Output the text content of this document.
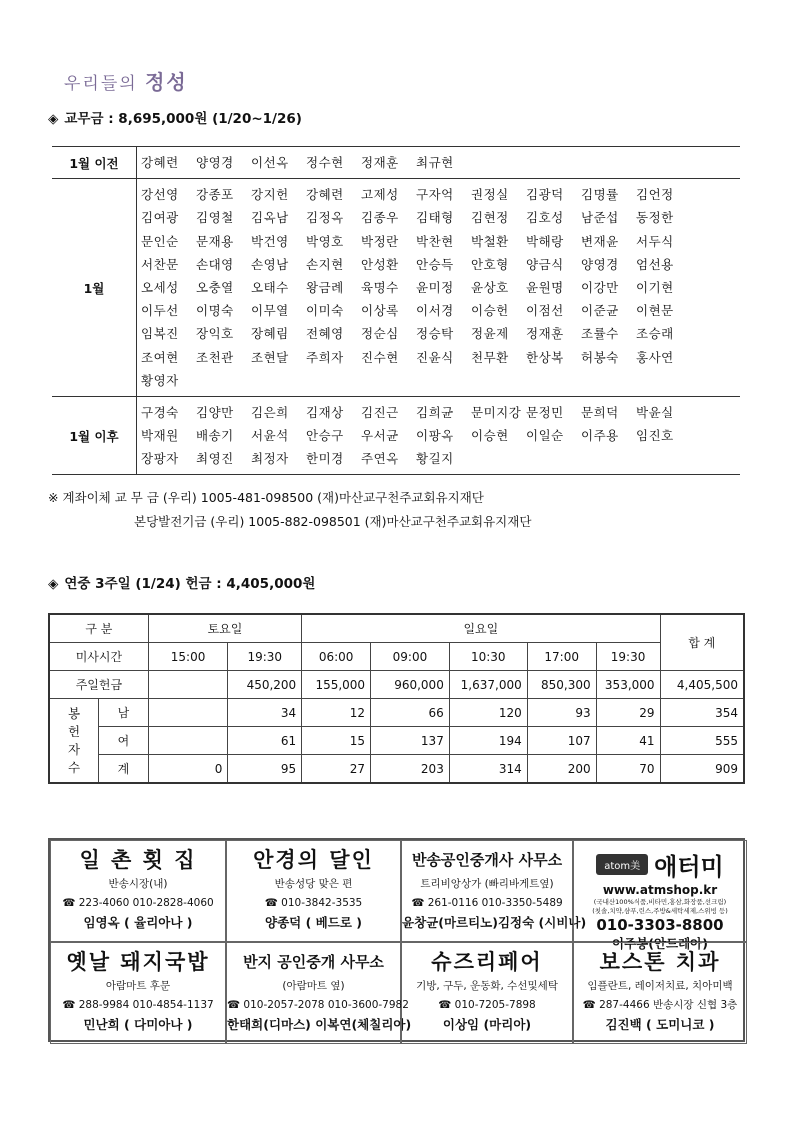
우리들의 정성
◈ 교무금 : 8,695,000원 (1/20~1/26)
1월 이전	강혜련	양영경	이선옥	정수현	정재훈	최규현
1월
강선영	강종포	강지헌	강혜련	고제성	구자억	권정실	김광덕	김명률	김언정
김여광	김영철	김옥남	김정옥	김종우	김태형	김현정	김호성	남준섭	동정한
문인순	문재용	박건영	박영호	박정란	박찬현	박철환	박해랑	변재윤	서두식
서찬문	손대영	손영남	손지현	안성환	안승득	안호형	양금식	양영경	엄선용
오세성	오충열	오태수	왕금례	육명수	윤미정	윤상호	윤원명	이강만	이기현
이두선	이명숙	이무열	이미숙	이상록	이서경	이승헌	이점선	이준균	이현문
임복진	장익호	장혜림	전혜영	정순심	정승탁	정윤제	정재훈	조률수	조승래
조여현	조천관	조현달	주희자	진수현	진윤식	천무환	한상복	허봉숙	홍사연
황영자
1월 이후
구경숙	김양만	김은희	김재상	김진근	김희균	문미지강 문정민	문희덕	박윤실
박재원	배송기	서윤석	안승구	우서균	이팡옥	이승현	이일순	이주용	임진호
장팡자	최영진	최정자	한미경	주연옥	황길지
※ 계좌이체 교 무 금 (우리) 1005-481-098500 (재)마산교구천주교회유지재단
본당발전기금 (우리) 1005-882-098501 (재)마산교구천주교회유지재단
◈ 연중 3주일 (1/24) 헌금 : 4,405,000원
구 분		토요일		일요일					합 계
미사시간		15:00	19:30	06:00	09:00	10:30	17:00	19:30	
주일헌금			450,200	155,000	960,000	1,637,000	850,300	353,000	4,405,500

봉
헌
자
수	남		34	12	66	120	93	29	354
	여		61	15	137	194	107	41	555
	계	0	95	27	203	314	200	70	909
일 촌 횟 집
반송시장(내)
☎ 223-4060 010-2828-4060
임영옥 ( 율리아나 )
안경의 달인
반송성당 맞은 편
☎ 010-3842-3535
양종덕 ( 베드로 )
반송공인중개사 사무소
트리비앙상가 (빠리바게트옆)
☎ 261-0116 010-3350-5489
윤창균(마르티노)김정숙 (시비나)
atom美 애터미
www.atmshop.kr
(국내산100%식품,비타민,홍삼,화장품,선크림)
(칫솔,치약,샴푸,린스,주방&세탁세제,스위빙 등)
010-3303-8800
이주봉(안드레아)
옛날 돼지국밥
아람마트 후문
☎ 288-9984 010-4854-1137
민난희 ( 다미아나 )
반지 공인중개 사무소
(아람마트 옆)
☎ 010-2057-2078 010-3600-7982
한태희(디마스) 이복연(체칠리아)
슈즈리페어
기방, 구두, 운동화, 수선및세탁
☎ 010-7205-7898
이상임 (마리아)
보스톤 치과
임플란트, 레이저치료, 치아미백
☎ 287-4466 반송시장 신협 3층
김진백 ( 도미니코 )
